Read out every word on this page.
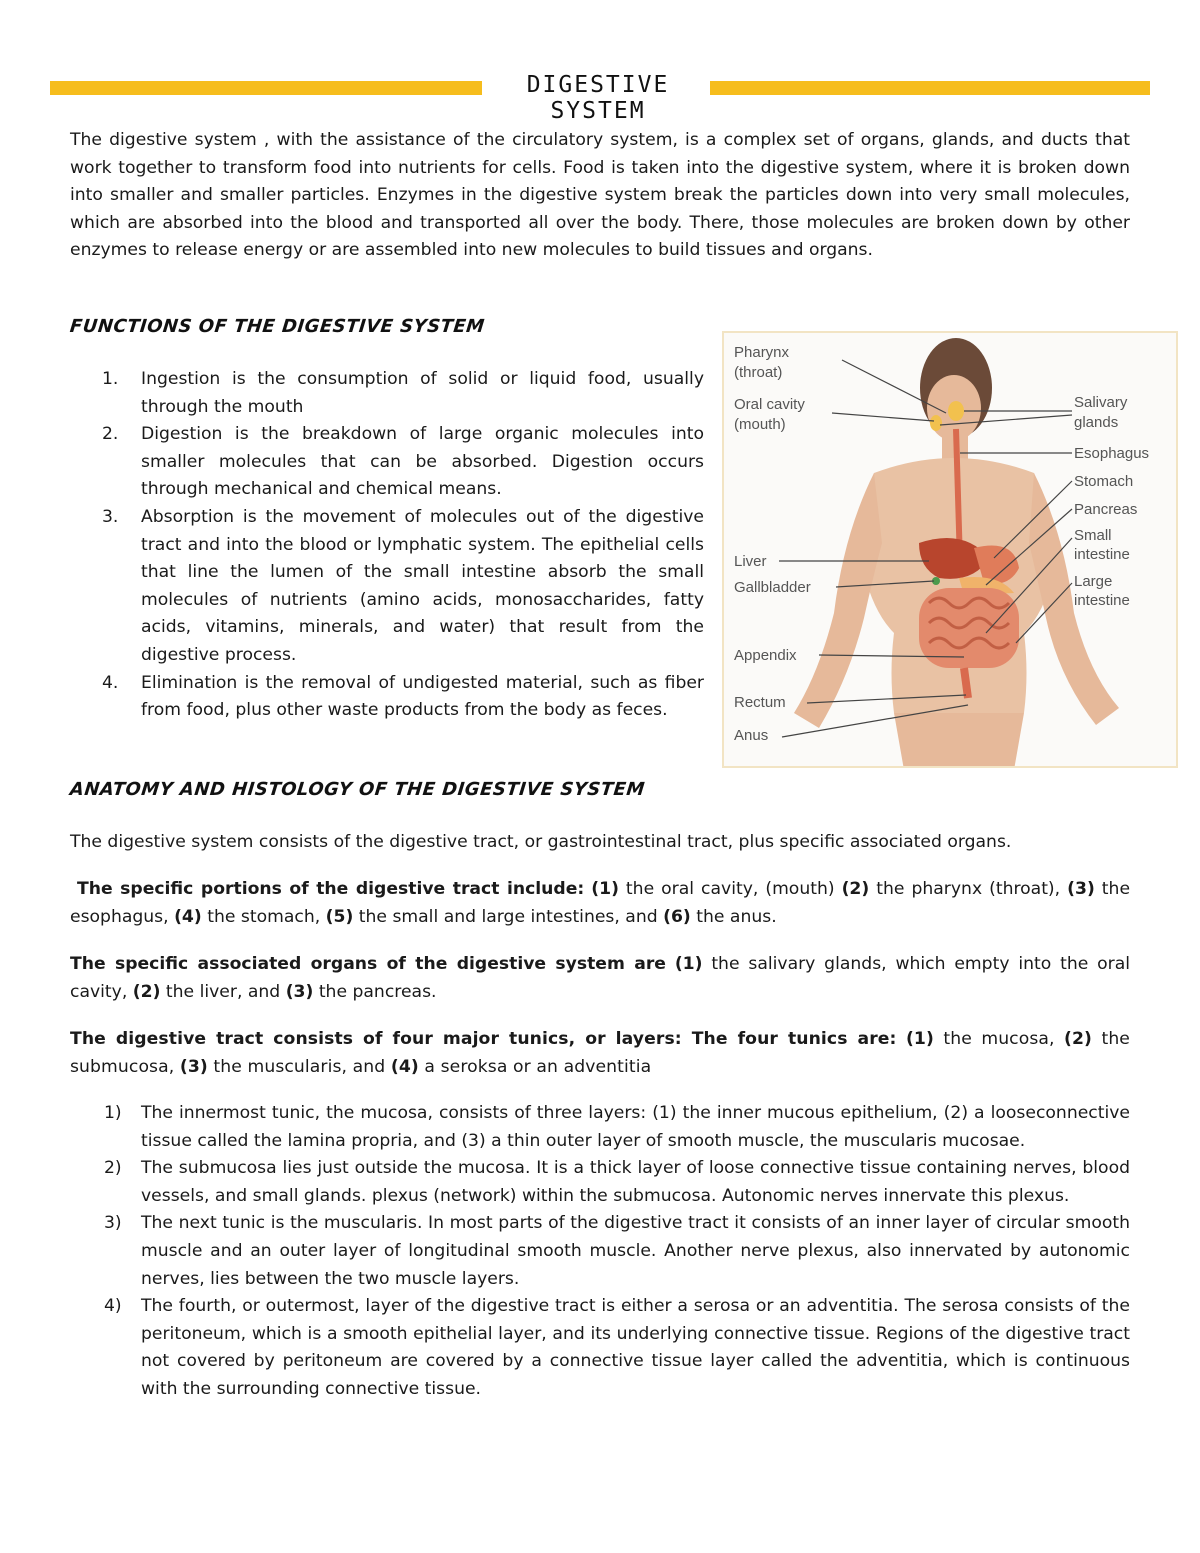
DIGESTIVE SYSTEM

The digestive system , with the assistance of the circulatory system, is a complex set of organs, glands, and ducts that work together to transform food into nutrients for cells. Food is taken into the digestive system, where it is broken down into smaller and smaller particles. Enzymes in the digestive system break the particles down into very small molecules, which are absorbed into the blood and transported all over the body. There, those molecules are broken down by other enzymes to release energy or are assembled into new molecules to build tissues and organs.

FUNCTIONS OF THE DIGESTIVE SYSTEM
1. Ingestion is the consumption of solid or liquid food, usually through the mouth
2. Digestion is the breakdown of large organic molecules into smaller molecules that can be absorbed. Digestion occurs through mechanical and chemical means.
3. Absorption is the movement of molecules out of the digestive tract and into the blood or lymphatic system. The epithelial cells that line the lumen of the small intestine absorb the small molecules of nutrients (amino acids, monosaccharides, fatty acids, vitamins, minerals, and water) that result from the digestive process.
4. Elimination is the removal of undigested material, such as fiber from food, plus other waste products from the body as feces.
Pharynx
(throat)
Oral cavity
(mouth)
Liver
Gallbladder
Appendix
Rectum
Anus
Salivary
glands
Esophagus
Stomach
Pancreas
Small
intestine
Large
intestine
ANATOMY AND HISTOLOGY OF THE DIGESTIVE SYSTEM

The digestive system consists of the digestive tract, or gastrointestinal tract, plus specific associated organs.

The specific portions of the digestive tract include: (1) the oral cavity, (mouth) (2) the pharynx (throat), (3) the esophagus, (4) the stomach, (5) the small and large intestines, and (6) the anus.

The specific associated organs of the digestive system are (1) the salivary glands, which empty into the oral cavity, (2) the liver, and (3) the pancreas.

The digestive tract consists of four major tunics, or layers: The four tunics are: (1) the mucosa, (2) the submucosa, (3) the muscularis, and (4) a seroksa or an adventitia

1) The innermost tunic, the mucosa, consists of three layers: (1) the inner mucous epithelium, (2) a looseconnective tissue called the lamina propria, and (3) a thin outer layer of smooth muscle, the muscularis mucosae.
2) The submucosa lies just outside the mucosa. It is a thick layer of loose connective tissue containing nerves, blood vessels, and small glands. plexus (network) within the submucosa. Autonomic nerves innervate this plexus.
3) The next tunic is the muscularis. In most parts of the digestive tract it consists of an inner layer of circular smooth muscle and an outer layer of longitudinal smooth muscle. Another nerve plexus, also innervated by autonomic nerves, lies between the two muscle layers.
4) The fourth, or outermost, layer of the digestive tract is either a serosa or an adventitia. The serosa consists of the peritoneum, which is a smooth epithelial layer, and its underlying connective tissue. Regions of the digestive tract not covered by peritoneum are covered by a connective tissue layer called the adventitia, which is continuous with the surrounding connective tissue.
